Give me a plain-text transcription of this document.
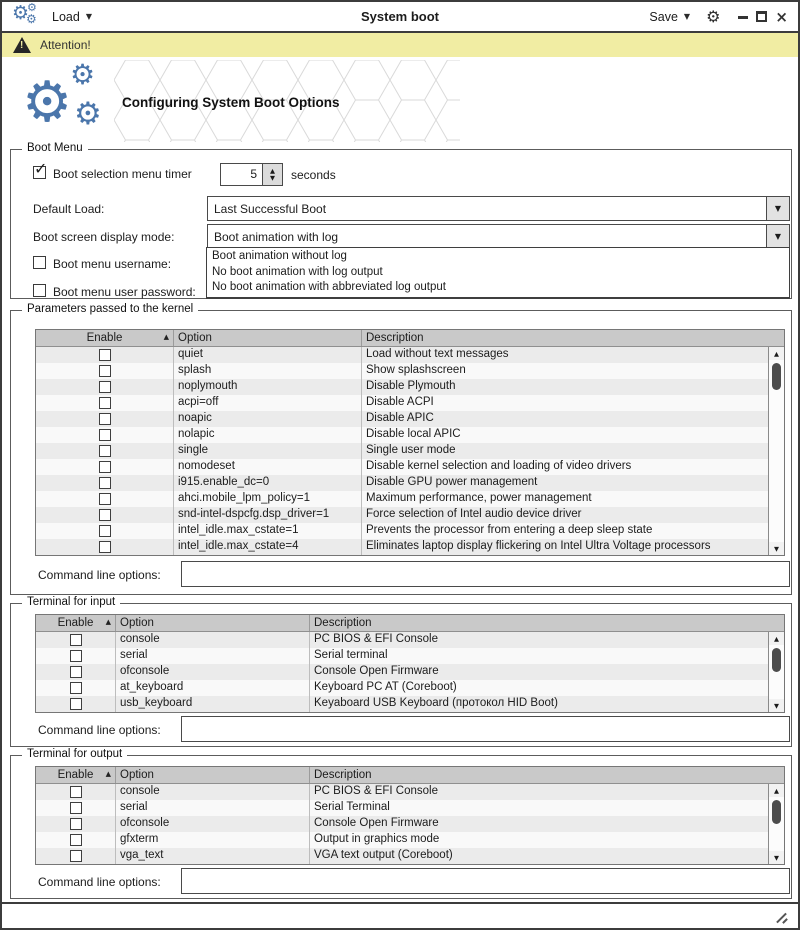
⚙
⚙
⚙ Load ▼	System boot	Save ▼ ⚙	×
! Attention!
⚙
⚙
⚙ Configuring System Boot Options
Boot Menu
✓ Boot selection menu timer	5	▲
▼ seconds
Default Load:	Last Successful Boot	▼
Boot screen display mode:	Boot animation with log	▼
Boot menu username:
Boot menu user password:
Boot animation without log
No boot animation with log output
No boot animation with abbreviated log output
Parameters passed to the kernel
Enable	▲ Option	Description
quiet	Load without text messages
splash	Show splashscreen
noplymouth	Disable Plymouth
acpi=off	Disable ACPI
noapic	Disable APIC
nolapic	Disable local APIC
single	Single user mode
nomodeset	Disable kernel selection and loading of video drivers
i915.enable_dc=0	Disable GPU power management
ahci.mobile_lpm_policy=1	Maximum performance, power management
snd-intel-dspcfg.dsp_driver=1	Force selection of Intel audio device driver
intel_idle.max_cstate=1	Prevents the processor from entering a deep sleep state
intel_idle.max_cstate=4	Eliminates laptop display flickering on Intel Ultra Voltage processors
▲
▼
Command line options:
Terminal for input
Enable ▲ Option	Description
console	PC BIOS & EFI Console
serial	Serial terminal
ofconsole	Console Open Firmware
at_keyboard	Keyboard PC AT (Coreboot)
usb_keyboard	Keyaboard USB Keyboard (протокол HID Boot)
▲
▼
Command line options:
Terminal for output
Enable ▲ Option	Description
console	PC BIOS & EFI Console
serial	Serial Terminal
ofconsole	Console Open Firmware
gfxterm	Output in graphics mode
vga_text	VGA text output (Coreboot)
▲
▼
Command line options:
